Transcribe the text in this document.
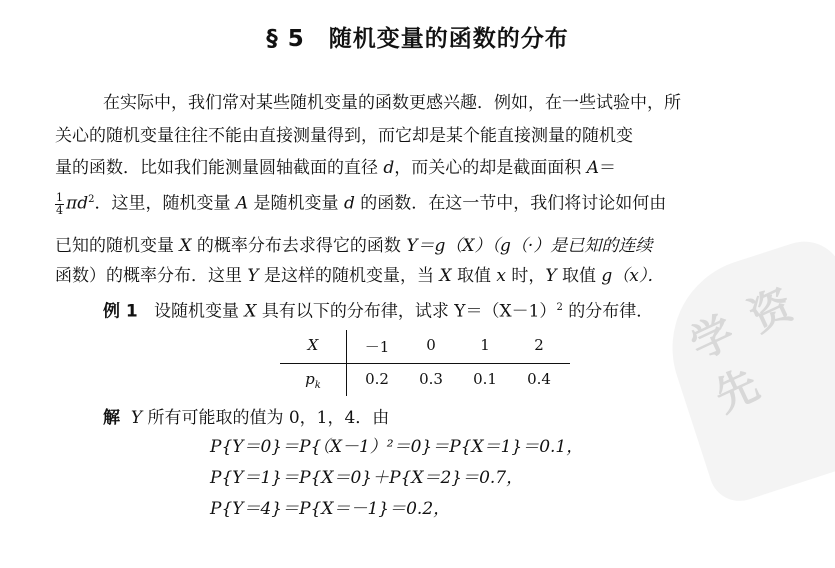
§ 5 随机变量的函数的分布
在实际中，我们常对某些随机变量的函数更感兴趣．例如，在一些试验中，所
关心的随机变量往往不能由直接测量得到，而它却是某个能直接测量的随机变
量的函数．比如我们能测量圆轴截面的直径 d，而关心的却是截面面积 A＝
$\frac{1}{4} \pi d^2$．这里，随机变量 A 是随机变量 d 的函数．在这一节中，我们将讨论如何由
已知的随机变量 X 的概率分布去求得它的函数 Y＝g（X）（g（·）是已知的连续
函数）的概率分布．这里 Y 是这样的随机变量，当 X 取值 x 时，Y 取值 g（x）．
例 1 设随机变量 X 具有以下的分布律，试求 $Y=(X-1)^2$ 的分布律．
X	－1	0	1	2
$p_k$	0.2	0.3	0.1	0.4
解 Y 所有可能取的值为 0，1，4．由
P{Y＝0}＝P{（X－1）²＝0}＝P{X＝1}＝0.1，
P{Y＝1}＝P{X＝0}＋P{X＝2}＝0.7，
P{Y＝4}＝P{X＝－1}＝0.2，
学 资 先
